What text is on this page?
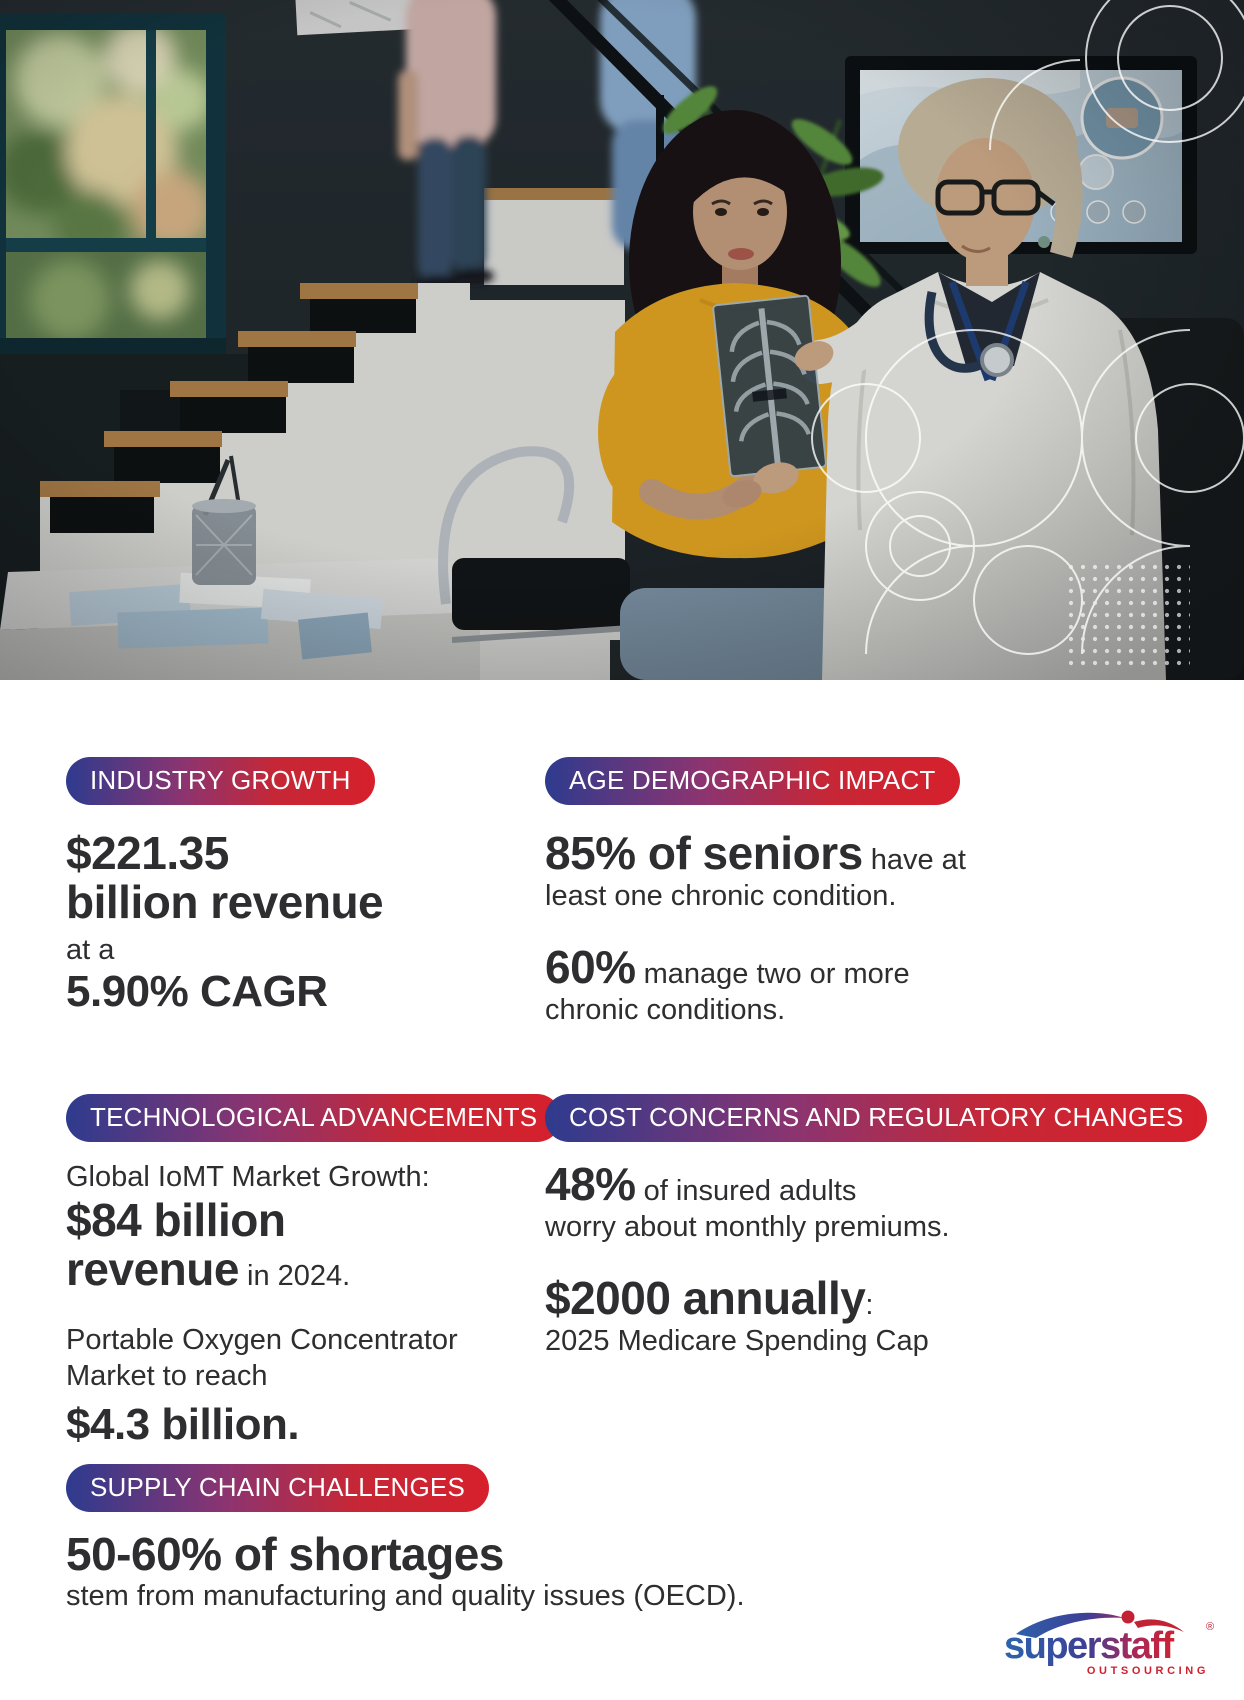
INDUSTRY GROWTH
$221.35
billion revenue
at a
5.90% CAGR
AGE DEMOGRAPHIC IMPACT
85% of seniors have at
least one chronic condition.
60% manage two or more
chronic conditions.
TECHNOLOGICAL ADVANCEMENTS
Global IoMT Market Growth:
$84 billion
revenue in 2024.
Portable Oxygen Concentrator
Market to reach
$4.3 billion.
COST CONCERNS AND REGULATORY CHANGES
48% of insured adults
worry about monthly premiums.
$2000 annually:
2025 Medicare Spending Cap
SUPPLY CHAIN CHALLENGES
50-60% of shortages
stem from manufacturing and quality issues (OECD).
superstaff	®
OUTSOURCING
